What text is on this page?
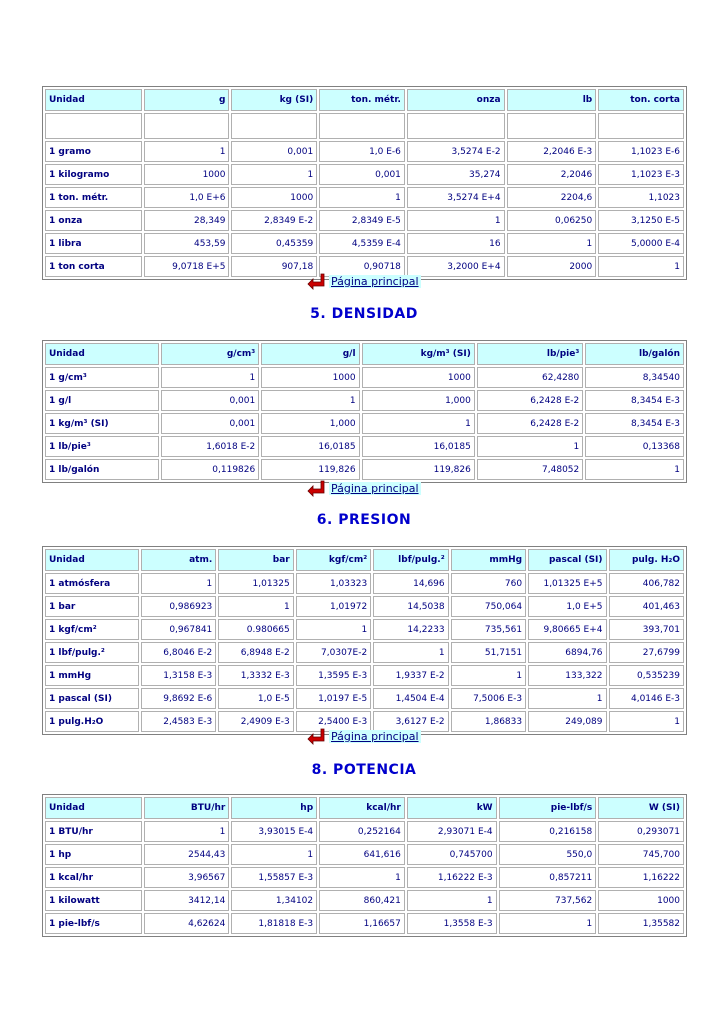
Unidad	g	kg (SI)	ton. métr.	onza	lb	ton. corta

1 gramo	1	0,001	1,0 E-6	3,5274 E-2	2,2046 E-3	1,1023 E-6
1 kilogramo	1000	1	0,001	35,274	2,2046	1,1023 E-3
1 ton. métr.	1,0 E+6	1000	1	3,5274 E+4	2204,6	1,1023
1 onza	28,349	2,8349 E-2	2,8349 E-5	1	0,06250	3,1250 E-5
1 libra	453,59	0,45359	4,5359 E-4	16	1	5,0000 E-4
1 ton corta	9,0718 E+5	907,18	0,90718	3,2000 E+4	2000	1
Página principal
5. DENSIDAD
Unidad	g/cm³	g/l	kg/m³ (SI)	lb/pie³	lb/galón
1 g/cm³	1	1000	1000	62,4280	8,34540
1 g/l	0,001	1	1,000	6,2428 E-2	8,3454 E-3
1 kg/m³ (SI)	0,001	1,000	1	6,2428 E-2	8,3454 E-3
1 lb/pie³	1,6018 E-2	16,0185	16,0185	1	0,13368
1 lb/galón	0,119826	119,826	119,826	7,48052	1
Página principal
6. PRESION
Unidad	atm.	bar	kgf/cm²	lbf/pulg.²	mmHg	pascal (SI)	pulg. H₂O
1 atmósfera	1	1,01325	1,03323	14,696	760	1,01325 E+5	406,782
1 bar	0,986923	1	1,01972	14,5038	750,064	1,0 E+5	401,463
1 kgf/cm²	0,967841	0.980665	1	14,2233	735,561	9,80665 E+4	393,701
1 lbf/pulg.²	6,8046 E-2	6,8948 E-2	7,0307E-2	1	51,7151	6894,76	27,6799
1 mmHg	1,3158 E-3	1,3332 E-3	1,3595 E-3	1,9337 E-2	1	133,322	0,535239
1 pascal (SI)	9,8692 E-6	1,0 E-5	1,0197 E-5	1,4504 E-4	7,5006 E-3	1	4,0146 E-3
1 pulg.H₂O	2,4583 E-3	2,4909 E-3	2,5400 E-3	3,6127 E-2	1,86833	249,089	1
Página principal
8. POTENCIA
Unidad	BTU/hr	hp	kcal/hr	kW	pie-lbf/s	W (SI)
1 BTU/hr	1	3,93015 E-4	0,252164	2,93071 E-4	0,216158	0,293071
1 hp	2544,43	1	641,616	0,745700	550,0	745,700
1 kcal/hr	3,96567	1,55857 E-3	1	1,16222 E-3	0,857211	1,16222
1 kilowatt	3412,14	1,34102	860,421	1	737,562	1000
1 pie-lbf/s	4,62624	1,81818 E-3	1,16657	1,3558 E-3	1	1,35582
